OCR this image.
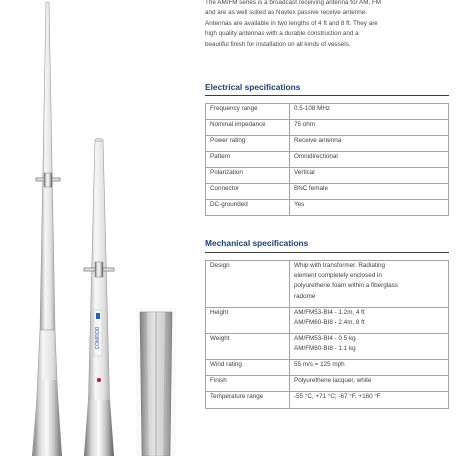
COMROD

The AM/FM series is a broadcast receiving antenna for AM, FM

and are as well suited as Navtex passive receive antenne.

Antennas are available in two lengths of 4 ft and 8 ft. They are

high quality antennas with a durable construction and a

beautiful finish for installation on all kinds of vessels.

Electrical specifications
Frequency range	0.5-108 MHz

Nominal impedance	75 ohm

Power rating	Receive antenna

Pattern	Omnidirectional

Polarization	Vertical

Connector	BNC female

DC-grounded	Yes
Mechanical specifications
Design	Whip with transformer. Radiating
element completely enclosed in
polyurethene foam within a fiberglass
radome

Height	AM/FM53-BI4 - 1.2m, 4 ft
AM/FM60-BI8 - 2.4m, 8 ft

Weight	AM/FM53-BI4 - 0.5 kg
AM/FM60-BI8 - 1.1 kg

Wind rating	55 m/s = 125 mph

Finish	Polyurethene lacquer, white

Temperature range	-55 °C, +71 °C; -67 °F, +160 °F
